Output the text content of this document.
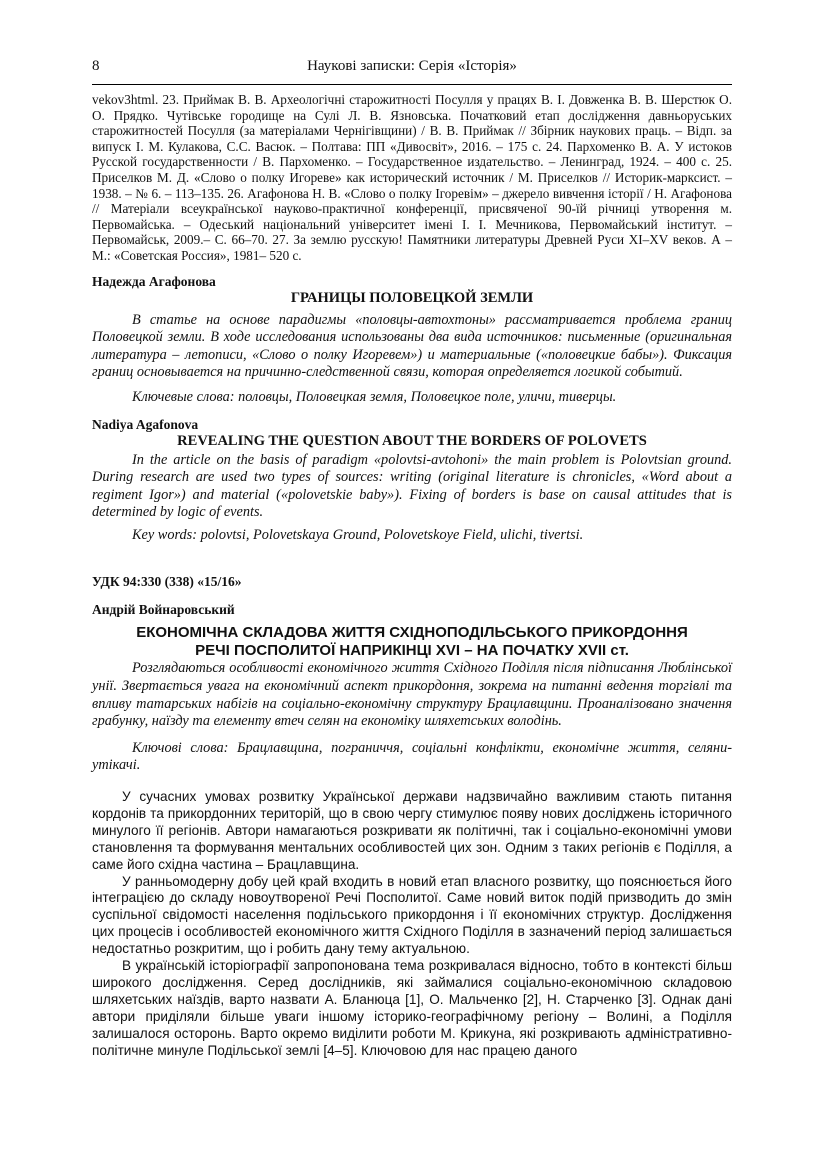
8	Наукові записки: Серія «Історія»

vekov3html. 23. Приймак В. В. Археологічні старожитності Посулля у працях В. І. Довженка В. В. Шерстюк О. О. Прядко. Чутівське городище на Сулі Л. В. Язновська. Початковий етап дослідження давньоруських старожитностей Посулля (за матеріалами Чернігівщини) / В. В. Приймак // Збірник наукових праць. – Відп. за випуск І. М. Кулакова, С.С. Васюк. – Полтава: ПП «Дивосвіт», 2016. – 175 с. 24. Пархоменко В. А. У истоков Русской государственности / В. Пархоменко. – Государственное издательство. – Ленинград, 1924. – 400 с. 25. Приселков М. Д. «Слово о полку Игореве» как исторический источник / М. Приселков // Историк-марксист. – 1938. – № 6. – 113–135. 26. Агафонова Н. В. «Слово о полку Ігоревім» – джерело вивчення історії / Н. Агафонова // Матеріали всеукраїнської науково-практичної конференції, присвяченої 90-їй річниці утворення м. Первомайська. – Одеський національний університет імені І. І. Мечникова, Первомайський інститут. – Первомайськ, 2009.– С. 66–70. 27. За землю русскую! Памятники литературы Древней Руси XI–XV веков. А – М.: «Советская Россия», 1981– 520 с.

Надежда Агафонова

ГРАНИЦЫ ПОЛОВЕЦКОЙ ЗЕМЛИ

В статье на основе парадигмы «половцы-автохтоны» рассматривается проблема границ Половецкой земли. В ходе исследования использованы два вида источников: письменные (оригинальная литература – летописи, «Слово о полку Игоревем») и материальные («половецкие бабы»). Фиксация границ основывается на причинно-следственной связи, которая определяется логикой событий.

Ключевые слова: половцы, Половецкая земля, Половецкое поле, уличи, тиверцы.

Nadiya Agafonova

REVEALING THE QUESTION ABOUT THE BORDERS OF POLOVETS

In the article on the basis of paradigm «polovtsi-avtohoni» the main problem is Polovtsian ground. During research are used two types of sources: writing (original literature is chronicles, «Word about a regiment Igor») and material («polovetskie baby»). Fixing of borders is base on causal attitudes that is determined by logic of events.

Key words: polovtsi, Polovetskaya Ground, Polovetskoye Field, ulichi, tivertsi.

УДК 94:330 (338) «15/16»

Андрій Войнаровський

ЕКОНОМІЧНА СКЛАДОВА ЖИТТЯ СХІДНОПОДІЛЬСЬКОГО ПРИКОРДОННЯ

РЕЧІ ПОСПОЛИТОЇ НАПРИКІНЦІ XVI – НА ПОЧАТКУ XVII ст.

Розглядаються особливості економічного життя Східного Поділля після підписання Люблінської унії. Звертається увага на економічний аспект прикордоння, зокрема на питанні ведення торгівлі та впливу татарських набігів на соціально-економічну структуру Брацлавщини. Проаналізовано значення грабунку, наїзду та елементу втеч селян на економіку шляхетських володінь.

Ключові слова: Брацлавщина, пограниччя, соціальні конфлікти, економічне життя, селяни-утікачі.

У сучасних умовах розвитку Української держави надзвичайно важливим стають питання кордонів та прикордонних територій, що в свою чергу стимулює появу нових досліджень історичного минулого її регіонів. Автори намагаються розкривати як політичні, так і соціально-економічні умови становлення та формування ментальних особливостей цих зон. Одним з таких регіонів є Поділля, а саме його східна частина – Брацлавщина.

У ранньомодерну добу цей край входить в новий етап власного розвитку, що пояснюється його інтеграцією до складу новоутвореної Речі Посполитої. Саме новий виток подій призводить до змін суспільної свідомості населення подільського прикордоння і її економічних структур. Дослідження цих процесів і особливостей економічного життя Східного Поділля в зазначений період залишається недостатньо розкритим, що і робить дану тему актуальною.

В українській історіографії запропонована тема розкривалася відносно, тобто в контексті більш широкого дослідження. Серед дослідників, які займалися соціально-економічною складовою шляхетських наїздів, варто назвати А. Бланюца [1], О. Мальченко [2], Н. Старченко [3]. Однак дані автори приділяли більше уваги іншому історико-географічному регіону – Волині, а Поділля залишалося осторонь. Варто окремо виділити роботи М. Крикуна, які розкривають адміністративно-політичне минуле Подільської землі [4–5]. Ключовою для нас працею даного
